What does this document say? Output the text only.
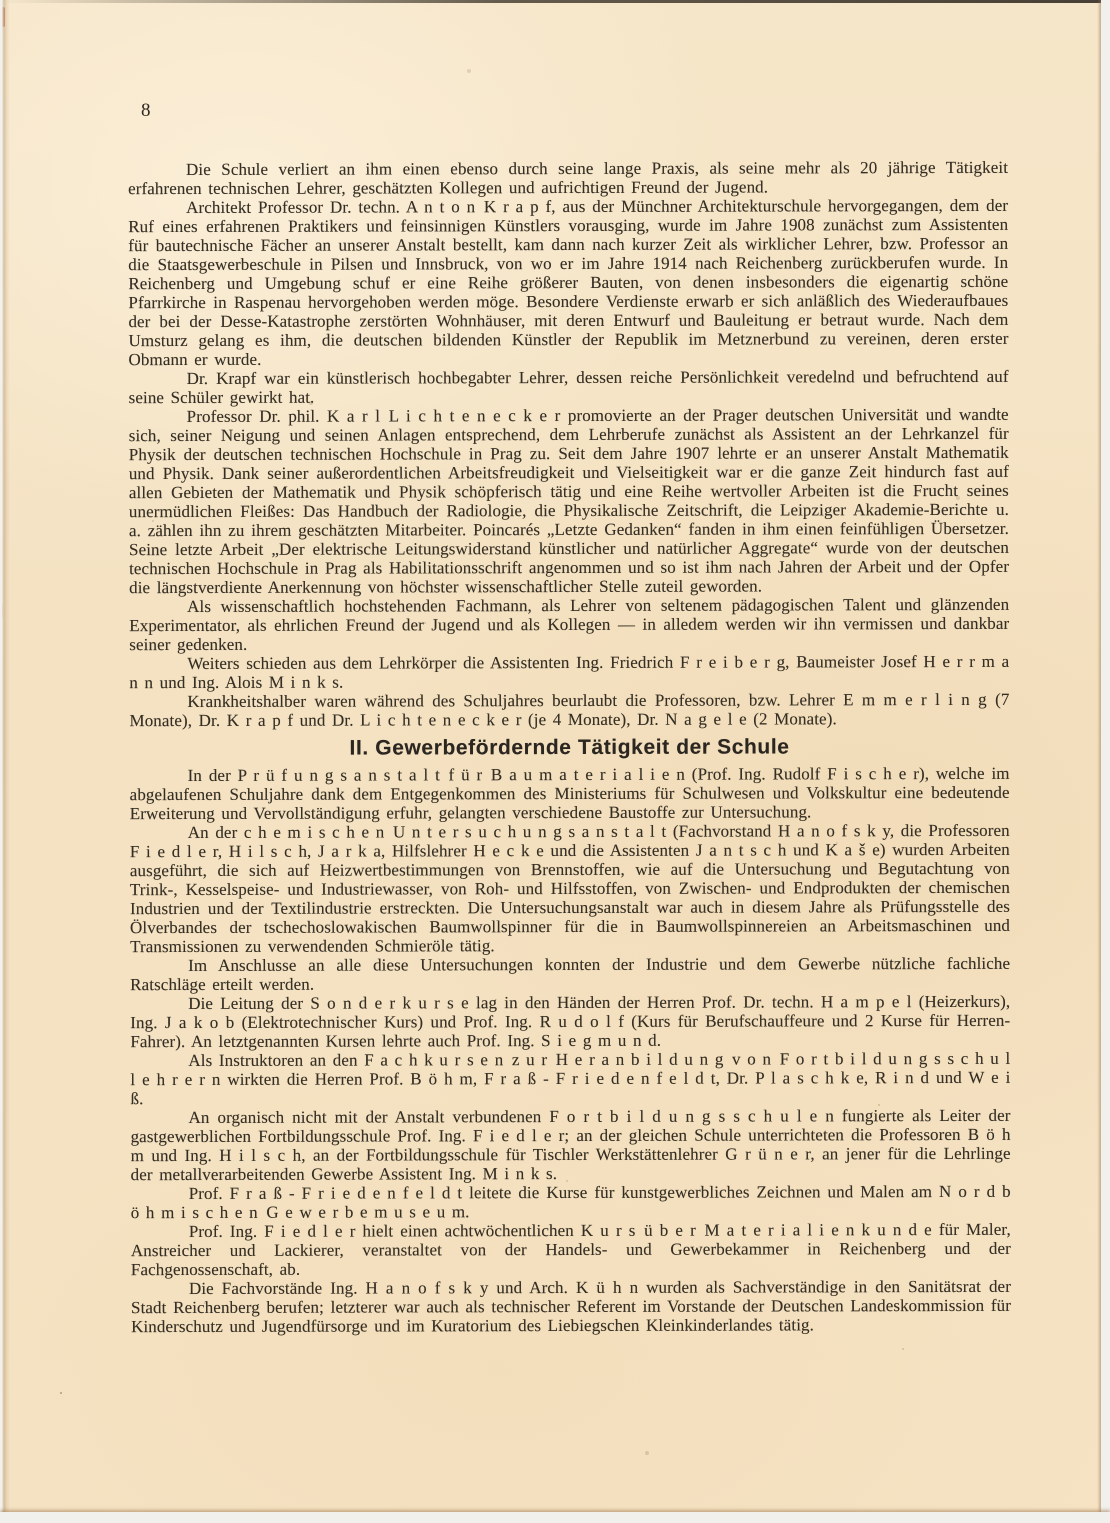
8

Die Schule verliert an ihm einen ebenso durch seine lange Praxis, als seine mehr als 20 jährige Tätigkeit erfahrenen technischen Lehrer, geschätzten Kollegen und aufrichtigen Freund der Jugend.

Architekt Professor Dr. techn. A n t o n K r a p f, aus der Münchner Architekturschule hervorgegangen, dem der Ruf eines erfahrenen Praktikers und feinsinnigen Künstlers vorausging, wurde im Jahre 1908 zunächst zum Assistenten für bautechnische Fächer an unserer Anstalt bestellt, kam dann nach kurzer Zeit als wirklicher Lehrer, bzw. Professor an die Staatsgewerbeschule in Pilsen und Innsbruck, von wo er im Jahre 1914 nach Reichenberg zurückberufen wurde. In Reichenberg und Umgebung schuf er eine Reihe größerer Bauten, von denen insbesonders die eigenartig schöne Pfarrkirche in Raspenau hervorgehoben werden möge. Besondere Verdienste erwarb er sich anläßlich des Wiederaufbaues der bei der Desse-Katastrophe zerstörten Wohnhäuser, mit deren Entwurf und Bauleitung er betraut wurde. Nach dem Umsturz gelang es ihm, die deutschen bildenden Künstler der Republik im Metznerbund zu vereinen, deren erster Obmann er wurde.

Dr. Krapf war ein künstlerisch hochbegabter Lehrer, dessen reiche Persönlichkeit veredelnd und befruchtend auf seine Schüler gewirkt hat.

Professor Dr. phil. K a r l L i c h t e n e c k e r promovierte an der Prager deutschen Universität und wandte sich, seiner Neigung und seinen Anlagen entsprechend, dem Lehrberufe zunächst als Assistent an der Lehrkanzel für Physik der deutschen technischen Hochschule in Prag zu. Seit dem Jahre 1907 lehrte er an unserer Anstalt Mathematik und Physik. Dank seiner außerordentlichen Arbeitsfreudigkeit und Vielseitigkeit war er die ganze Zeit hindurch fast auf allen Gebieten der Mathematik und Physik schöpferisch tätig und eine Reihe wertvoller Arbeiten ist die Frucht seines unermüdlichen Fleißes: Das Handbuch der Radiologie, die Physikalische Zeitschrift, die Leipziger Akademie-Berichte u. a. zählen ihn zu ihrem geschätzten Mitarbeiter. Poincarés „Letzte Gedanken“ fanden in ihm einen feinfühligen Übersetzer. Seine letzte Arbeit „Der elektrische Leitungswiderstand künstlicher und natürlicher Aggregate“ wurde von der deutschen technischen Hochschule in Prag als Habilitationsschrift angenommen und so ist ihm nach Jahren der Arbeit und der Opfer die längstverdiente Anerkennung von höchster wissenschaftlicher Stelle zuteil geworden.

Als wissenschaftlich hochstehenden Fachmann, als Lehrer von seltenem pädagogischen Talent und glänzenden Experimentator, als ehrlichen Freund der Jugend und als Kollegen — in alledem werden wir ihn vermissen und dankbar seiner gedenken.

Weiters schieden aus dem Lehrkörper die Assistenten Ing. Friedrich F r e i b e r g, Baumeister Josef H e r r m a n n und Ing. Alois M i n k s.

Krankheitshalber waren während des Schuljahres beurlaubt die Professoren, bzw. Lehrer E m m e r l i n g (7 Monate), Dr. K r a p f und Dr. L i c h t e n e c k e r (je 4 Monate), Dr. N a g e l e (2 Monate).

II. Gewerbefördernde Tätigkeit der Schule

In der P r ü f u n g s a n s t a l t f ü r B a u m a t e r i a l i e n (Prof. Ing. Rudolf F i s c h e r), welche im abgelaufenen Schuljahre dank dem Entgegenkommen des Ministeriums für Schulwesen und Volkskultur eine bedeutende Erweiterung und Vervollständigung erfuhr, gelangten verschiedene Baustoffe zur Untersuchung.

An der c h e m i s c h e n U n t e r s u c h u n g s a n s t a l t (Fachvorstand H a n o f s k y, die Professoren F i e d l e r, H i l s c h, J a r k a, Hilfslehrer H e c k e und die Assistenten J a n t s c h und K a š e) wurden Arbeiten ausgeführt, die sich auf Heizwertbestimmungen von Brennstoffen, wie auf die Untersuchung und Begutachtung von Trink-, Kesselspeise- und Industriewasser, von Roh- und Hilfsstoffen, von Zwischen- und Endprodukten der chemischen Industrien und der Textilindustrie erstreckten. Die Untersuchungsanstalt war auch in diesem Jahre als Prüfungsstelle des Ölverbandes der tschechoslowakischen Baumwollspinner für die in Baumwollspinnereien an Arbeitsmaschinen und Transmissionen zu verwendenden Schmieröle tätig.

Im Anschlusse an alle diese Untersuchungen konnten der Industrie und dem Gewerbe nützliche fachliche Ratschläge erteilt werden.

Die Leitung der S o n d e r k u r s e lag in den Händen der Herren Prof. Dr. techn. H a m p e l (Heizerkurs), Ing. J a k o b (Elektrotechnischer Kurs) und Prof. Ing. R u d o l f (Kurs für Berufschauffeure und 2 Kurse für Herren-Fahrer). An letztgenannten Kursen lehrte auch Prof. Ing. S i e g m u n d.

Als Instruktoren an den F a c h k u r s e n z u r H e r a n b i l d u n g v o n F o r t b i l d u n g s s c h u l l e h r e r n wirkten die Herren Prof. B ö h m, F r a ß - F r i e d e n f e l d t, Dr. P l a s c h k e, R i n d und W e i ß.

An organisch nicht mit der Anstalt verbundenen F o r t b i l d u n g s s c h u l e n fungierte als Leiter der gastgewerblichen Fortbildungsschule Prof. Ing. F i e d l e r; an der gleichen Schule unterrichteten die Professoren B ö h m und Ing. H i l s c h, an der Fortbildungsschule für Tischler Werkstättenlehrer G r ü n e r, an jener für die Lehrlinge der metallverarbeitenden Gewerbe Assistent Ing. M i n k s.

Prof. F r a ß - F r i e d e n f e l d t leitete die Kurse für kunstgewerbliches Zeichnen und Malen am N o r d b ö h m i s c h e n G e w e r b e m u s e u m.

Prof. Ing. F i e d l e r hielt einen achtwöchentlichen K u r s ü b e r M a t e r i a l i e n k u n d e für Maler, Anstreicher und Lackierer, veranstaltet von der Handels- und Gewerbekammer in Reichenberg und der Fachgenossenschaft, ab.

Die Fachvorstände Ing. H a n o f s k y und Arch. K ü h n wurden als Sachverständige in den Sanitätsrat der Stadt Reichenberg berufen; letzterer war auch als technischer Referent im Vorstande der Deutschen Landeskommission für Kinderschutz und Jugendfürsorge und im Kuratorium des Liebiegschen Kleinkinderlandes tätig.
